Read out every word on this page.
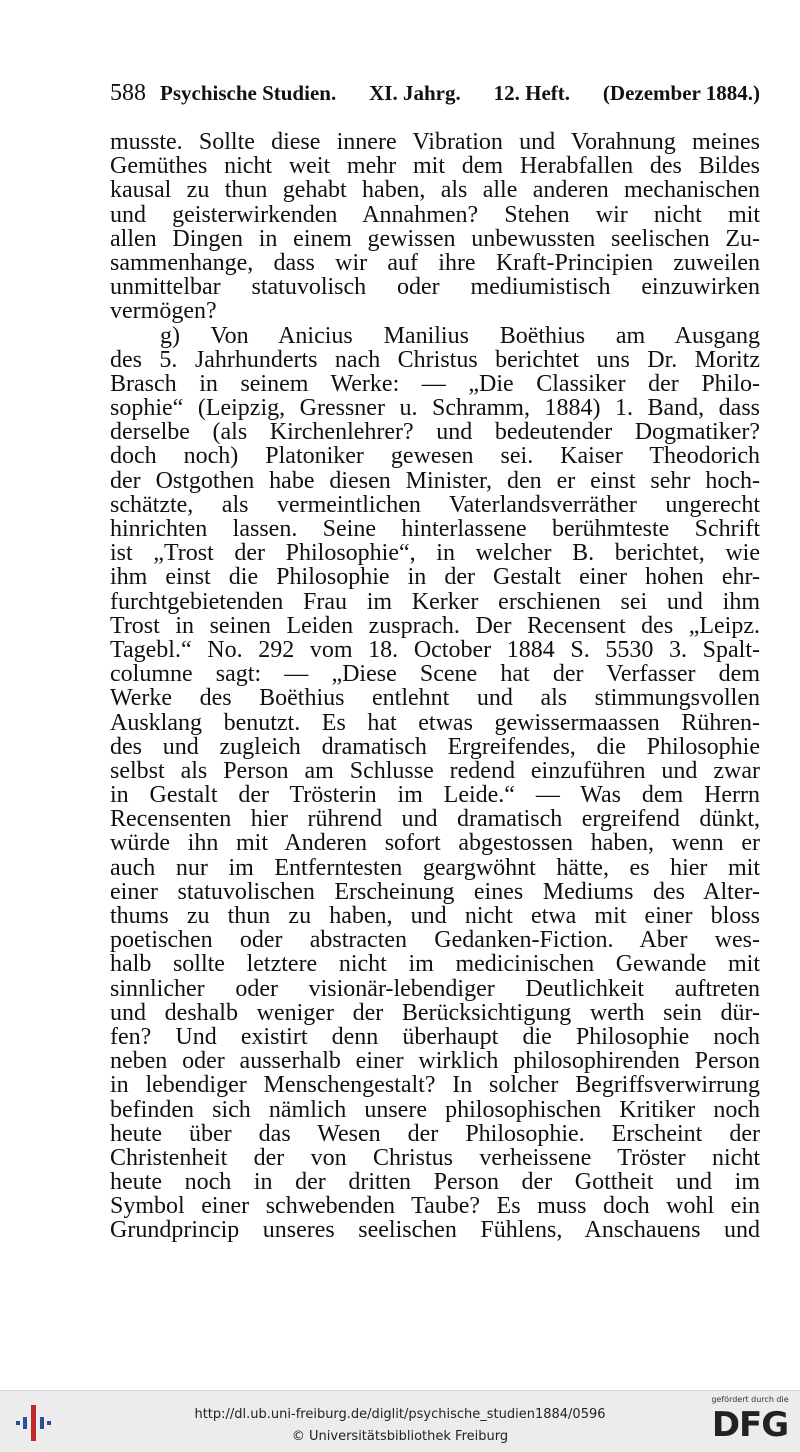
588 Psychische Studien. XI. Jahrg. 12. Heft. (Dezember 1884.)
musste. Sollte diese innere Vibration und Vorahnung meines
Gemüthes nicht weit mehr mit dem Herabfallen des Bildes
kausal zu thun gehabt haben, als alle anderen mechanischen
und geisterwirkenden Annahmen? Stehen wir nicht mit
allen Dingen in einem gewissen unbewussten seelischen Zu-
sammenhange, dass wir auf ihre Kraft-Principien zuweilen
unmittelbar statuvolisch oder mediumistisch einzuwirken
vermögen?
g) Von Anicius Manilius Boëthius am Ausgang
des 5. Jahrhunderts nach Christus berichtet uns Dr. Moritz
Brasch in seinem Werke: — „Die Classiker der Philo-
sophie“ (Leipzig, Gressner u. Schramm, 1884) 1. Band, dass
derselbe (als Kirchenlehrer? und bedeutender Dogmatiker?
doch noch) Platoniker gewesen sei. Kaiser Theodorich
der Ostgothen habe diesen Minister, den er einst sehr hoch-
schätzte, als vermeintlichen Vaterlandsverräther ungerecht
hinrichten lassen. Seine hinterlassene berühmteste Schrift
ist „Trost der Philosophie“, in welcher B. berichtet, wie
ihm einst die Philosophie in der Gestalt einer hohen ehr-
furchtgebietenden Frau im Kerker erschienen sei und ihm
Trost in seinen Leiden zusprach. Der Recensent des „Leipz.
Tagebl.“ No. 292 vom 18. October 1884 S. 5530 3. Spalt-
columne sagt: — „Diese Scene hat der Verfasser dem
Werke des Boëthius entlehnt und als stimmungsvollen
Ausklang benutzt. Es hat etwas gewissermaassen Rühren-
des und zugleich dramatisch Ergreifendes, die Philosophie
selbst als Person am Schlusse redend einzuführen und zwar
in Gestalt der Trösterin im Leide.“ — Was dem Herrn
Recensenten hier rührend und dramatisch ergreifend dünkt,
würde ihn mit Anderen sofort abgestossen haben, wenn er
auch nur im Entferntesten geargwöhnt hätte, es hier mit
einer statuvolischen Erscheinung eines Mediums des Alter-
thums zu thun zu haben, und nicht etwa mit einer bloss
poetischen oder abstracten Gedanken-Fiction. Aber wes-
halb sollte letztere nicht im medicinischen Gewande mit
sinnlicher oder visionär-lebendiger Deutlichkeit auftreten
und deshalb weniger der Berücksichtigung werth sein dür-
fen? Und existirt denn überhaupt die Philosophie noch
neben oder ausserhalb einer wirklich philosophirenden Person
in lebendiger Menschengestalt? In solcher Begriffsverwirrung
befinden sich nämlich unsere philosophischen Kritiker noch
heute über das Wesen der Philosophie. Erscheint der
Christenheit der von Christus verheissene Tröster nicht
heute noch in der dritten Person der Gottheit und im
Symbol einer schwebenden Taube? Es muss doch wohl ein
Grundprincip unseres seelischen Fühlens, Anschauens und
http://dl.ub.uni-freiburg.de/diglit/psychische_studien1884/0596
© Universitätsbibliothek Freiburg
gefördert durch die
DFG
